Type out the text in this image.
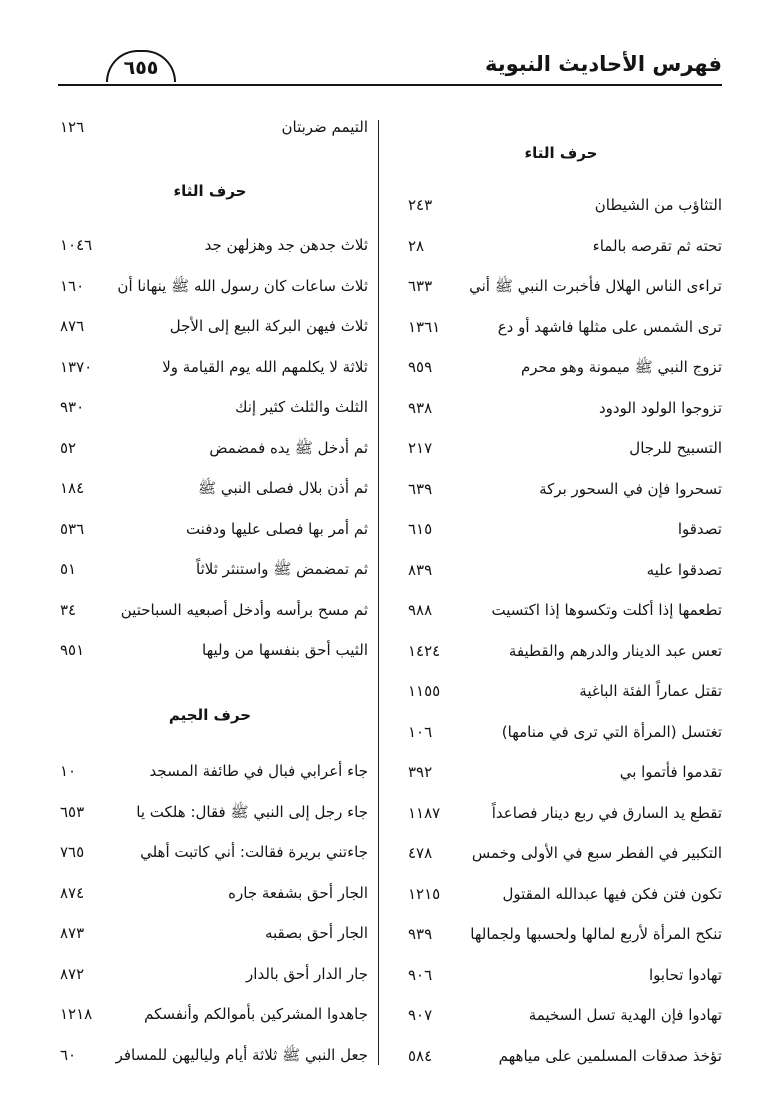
فهرس الأحاديث النبوية
٦٥٥
حرف التاء
التثاؤب من الشيطان
٢٤٣
تحته ثم تقرصه بالماء
٢٨
تراءى الناس الهلال فأخبرت النبي ﷺ أني
٦٣٣
ترى الشمس على مثلها فاشهد أو دع
١٣٦١
تزوج النبي ﷺ ميمونة وهو محرم
٩٥٩
تزوجوا الولود الودود
٩٣٨
التسبيح للرجال
٢١٧
تسحروا فإن في السحور بركة
٦٣٩
تصدقوا
٦١٥
تصدقوا عليه
٨٣٩
تطعمها إذا أكلت وتكسوها إذا اكتسيت
٩٨٨
تعس عبد الدينار والدرهم والقطيفة
١٤٢٤
تقتل عماراً الفئة الباغية
١١٥٥
تغتسل (المرأة التي ترى في منامها)
١٠٦
تقدموا فأتموا بي
٣٩٢
تقطع يد السارق في ربع دينار فصاعداً
١١٨٧
التكبير في الفطر سبع في الأولى وخمس
٤٧٨
تكون فتن فكن فيها عبدالله المقتول
١٢١٥
تنكح المرأة لأربع لمالها ولحسبها ولجمالها
٩٣٩
تهادوا تحابوا
٩٠٦
تهادوا فإن الهدية تسل السخيمة
٩٠٧
تؤخذ صدقات المسلمين على مياههم
٥٨٤
التيمم ضربتان
١٢٦
حرف الثاء
ثلاث جدهن جد وهزلهن جد
١٠٤٦
ثلاث ساعات كان رسول الله ﷺ ينهانا أن
١٦٠
ثلاث فيهن البركة البيع إلى الأجل
٨٧٦
ثلاثة لا يكلمهم الله يوم القيامة ولا
١٣٧٠
الثلث والثلث كثير إنك
٩٣٠
ثم أدخل ﷺ يده فمضمض
٥٢
ثم أذن بلال فصلى النبي ﷺ
١٨٤
ثم أمر بها فصلى عليها ودفنت
٥٣٦
ثم تمضمض ﷺ واستنثر ثلاثاً
٥١
ثم مسح برأسه وأدخل أصبعيه السباحتين
٣٤
الثيب أحق بنفسها من وليها
٩٥١
حرف الجيم
جاء أعرابي فبال في طائفة المسجد
١٠
جاء رجل إلى النبي ﷺ فقال: هلكت يا
٦٥٣
جاءتني بريرة فقالت: أني كاتبت أهلي
٧٦٥
الجار أحق بشفعة جاره
٨٧٤
الجار أحق بصقبه
٨٧٣
جار الدار أحق بالدار
٨٧٢
جاهدوا المشركين بأموالكم وأنفسكم
١٢١٨
جعل النبي ﷺ ثلاثة أيام ولياليهن للمسافر
٦٠
